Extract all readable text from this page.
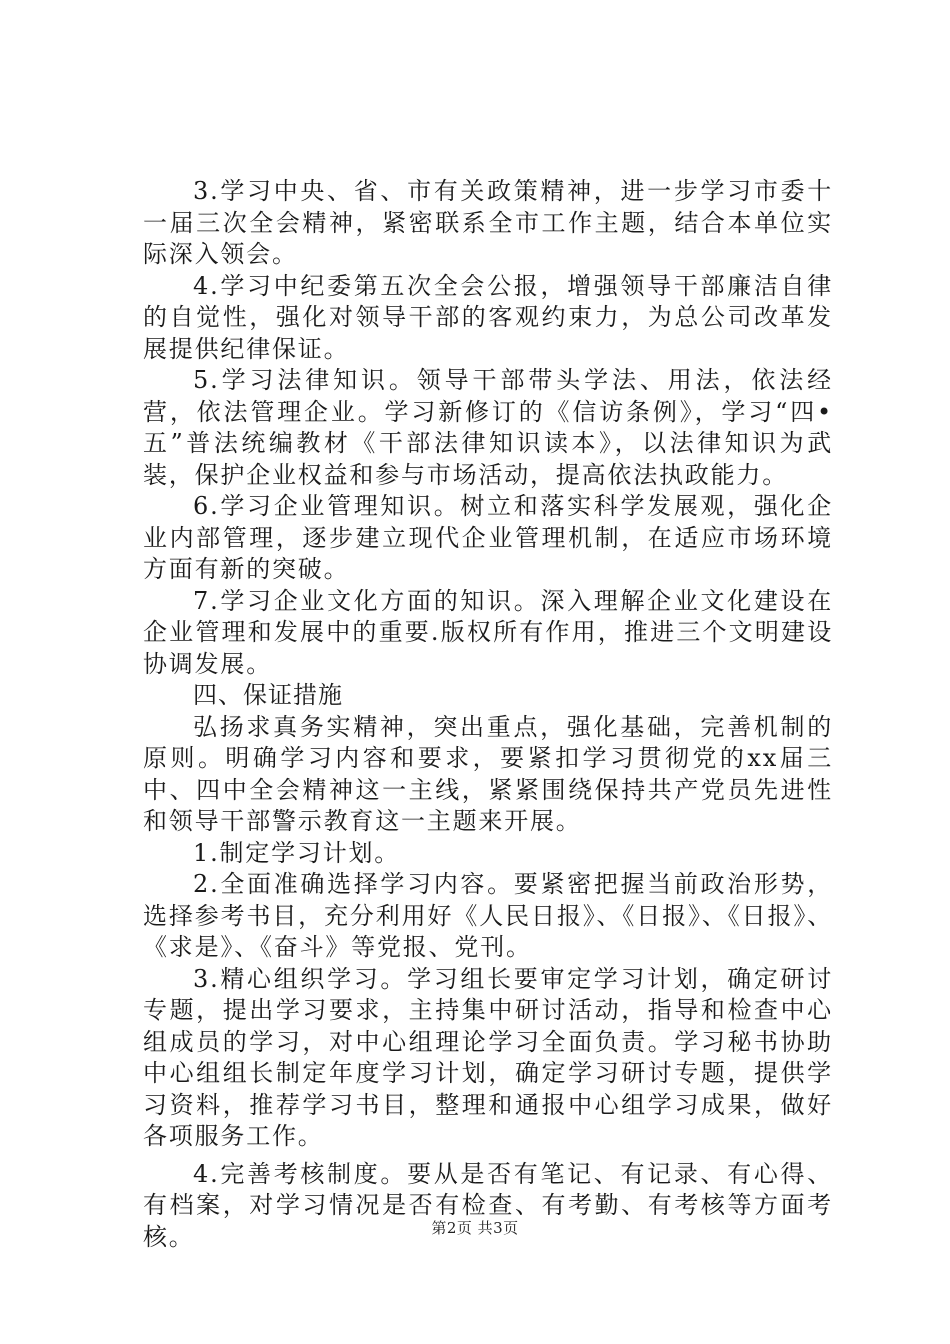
3.学习中央、省、市有关政策精神，进一步学习市委十一届三次全会精神，紧密联系全市工作主题，结合本单位实际深入领会。

4.学习中纪委第五次全会公报，增强领导干部廉洁自律的自觉性，强化对领导干部的客观约束力，为总公司改革发展提供纪律保证。

5.学习法律知识。领导干部带头学法、用法，依法经营，依法管理企业。学习新修订的《信访条例》，学习“四•五”普法统编教材《干部法律知识读本》，以法律知识为武装，保护企业权益和参与市场活动，提高依法执政能力。

6.学习企业管理知识。树立和落实科学发展观，强化企业内部管理，逐步建立现代企业管理机制，在适应市场环境方面有新的突破。

7.学习企业文化方面的知识。深入理解企业文化建设在企业管理和发展中的重要.版权所有作用，推进三个文明建设协调发展。

四、保证措施

弘扬求真务实精神，突出重点，强化基础，完善机制的原则。明确学习内容和要求，要紧扣学习贯彻党的xx届三中、四中全会精神这一主线，紧紧围绕保持共产党员先进性和领导干部警示教育这一主题来开展。

1.制定学习计划。

2.全面准确选择学习内容。要紧密把握当前政治形势，选择参考书目，充分利用好《人民日报》、《日报》、《日报》、《求是》、《奋斗》等党报、党刊。

3.精心组织学习。学习组长要审定学习计划，确定研讨专题，提出学习要求，主持集中研讨活动，指导和检查中心组成员的学习，对中心组理论学习全面负责。学习秘书协助中心组组长制定年度学习计划，确定学习研讨专题，提供学习资料，推荐学习书目，整理和通报中心组学习成果，做好各项服务工作。

4.完善考核制度。要从是否有笔记、有记录、有心得、有档案，对学习情况是否有检查、有考勤、有考核等方面考核。	第2页 共3页
